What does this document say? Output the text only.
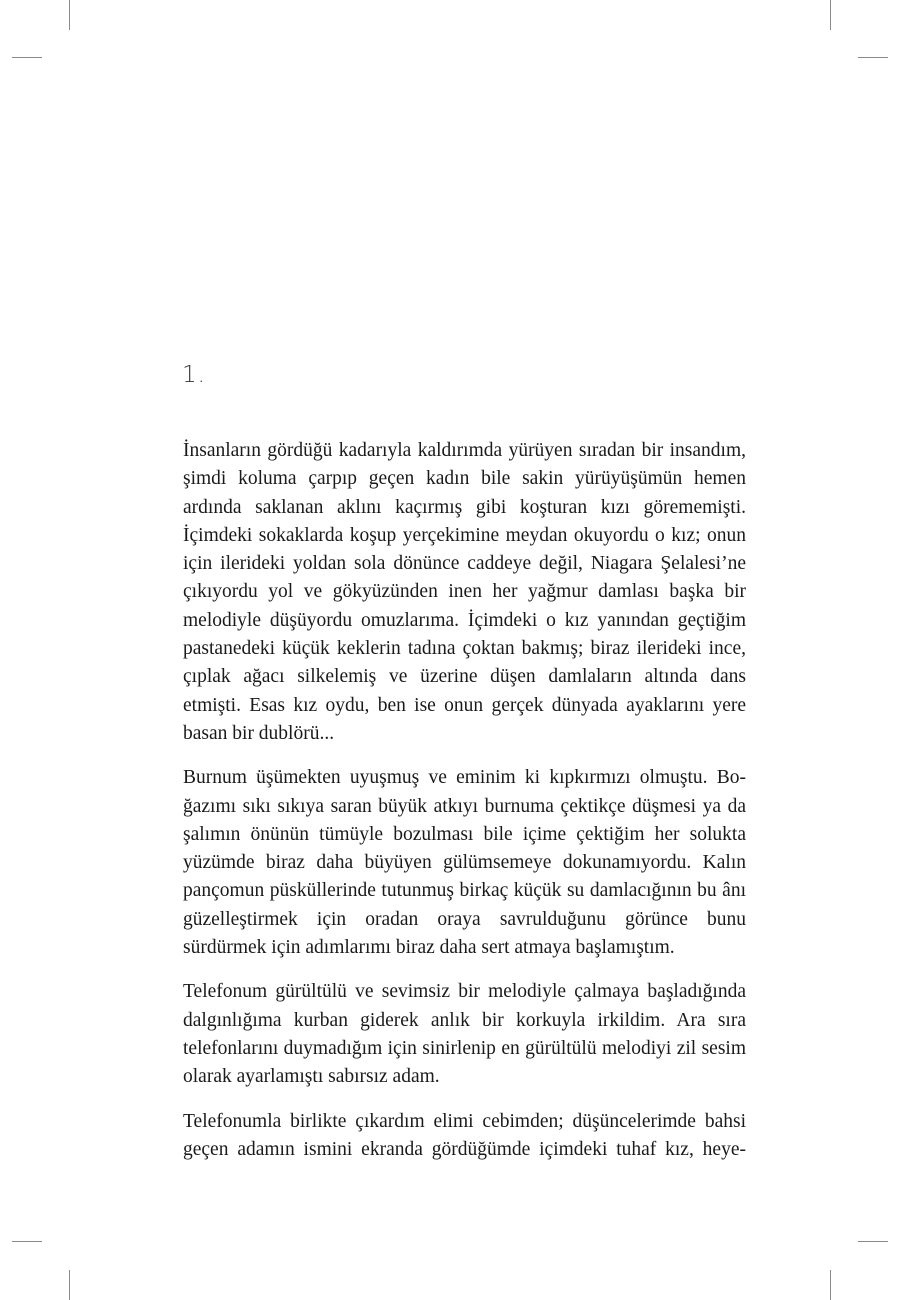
1.

İnsanların gördüğü kadarıyla kaldırımda yürüyen sıradan bir insandım, şimdi koluma çarpıp geçen kadın bile sakin yürüyüşümün hemen ardında saklanan aklını kaçırmış gibi koşturan kızı görememişti. İçimdeki sokaklarda koşup yerçekimine meydan okuyordu o kız; onun için ilerideki yoldan sola dönünce caddeye değil, Niagara Şelalesi’ne çıkıyordu yol ve gökyüzünden inen her yağmur damlası başka bir melodiyle düşüyordu omuzlarıma. İçimdeki o kız yanından geçtiğim pastanedeki küçük keklerin tadına çoktan bakmış; biraz ilerideki ince, çıplak ağacı silkelemiş ve üzerine düşen damlaların altında dans etmişti. Esas kız oydu, ben ise onun gerçek dünyada ayaklarını yere basan bir dublörü...

Burnum üşümekten uyuşmuş ve eminim ki kıpkırmızı olmuştu. Boğazımı sıkı sıkıya saran büyük atkıyı burnuma çektikçe düşmesi ya da şalımın önünün tümüyle bozulması bile içime çektiğim her solukta yüzümde biraz daha büyüyen gülümsemeye dokunamıyordu. Kalın pançomun püsküllerinde tutunmuş birkaç küçük su damlacığının bu ânı güzelleştirmek için oradan oraya savrulduğunu görünce bunu sürdürmek için adımlarımı biraz daha sert atmaya başlamıştım.

Telefonum gürültülü ve sevimsiz bir melodiyle çalmaya başladığında dalgınlığıma kurban giderek anlık bir korkuyla irkildim. Ara sıra telefonlarını duymadığım için sinirlenip en gürültülü melodiyi zil sesim olarak ayarlamıştı sabırsız adam.

Telefonumla birlikte çıkardım elimi cebimden; düşüncelerimde bahsi geçen adamın ismini ekranda gördüğümde içimdeki tuhaf kız, heye-
